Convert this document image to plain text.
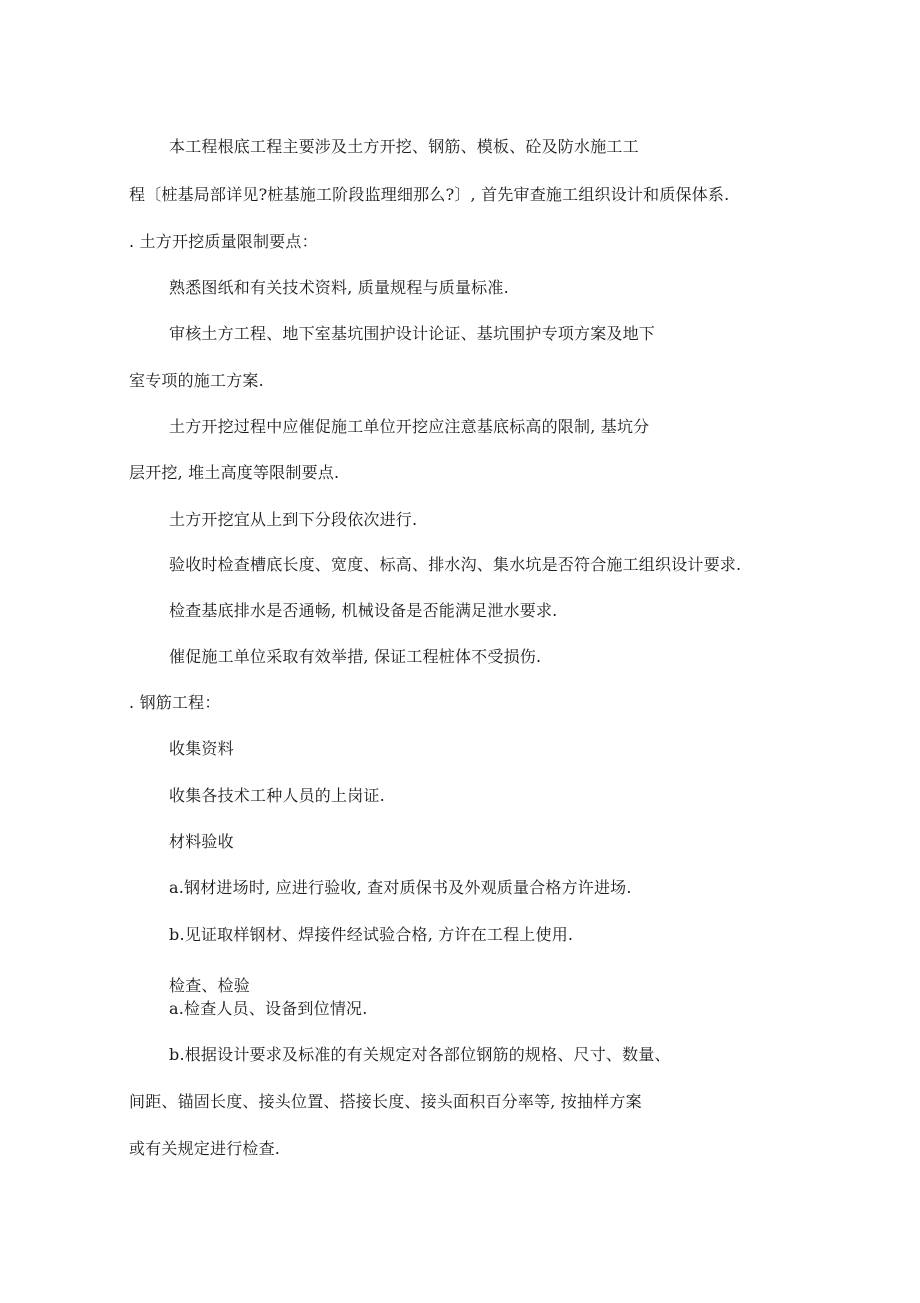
本工程根底工程主要涉及土方开挖、钢筋、模板、砼及防水施工工

程〔桩基局部详见?桩基施工阶段监理细那么?〕, 首先审查施工组织设计和质保体系.

. 土方开挖质量限制要点：

熟悉图纸和有关技术资料, 质量规程与质量标准.

审核土方工程、地下室基坑围护设计论证、基坑围护专项方案及地下

室专项的施工方案.

土方开挖过程中应催促施工单位开挖应注意基底标高的限制, 基坑分

层开挖, 堆土高度等限制要点.

土方开挖宜从上到下分段依次进行.

验收时检查槽底长度、宽度、标高、排水沟、集水坑是否符合施工组织设计要求.

检查基底排水是否通畅, 机械设备是否能满足泄水要求.

催促施工单位采取有效举措, 保证工程桩体不受损伤.

. 钢筋工程：

收集资料

收集各技术工种人员的上岗证.

材料验收

a.钢材进场时, 应进行验收, 查对质保书及外观质量合格方许进场.

b.见证取样钢材、焊接件经试验合格, 方许在工程上使用.

检查、检验

a.检查人员、设备到位情况.

b.根据设计要求及标准的有关规定对各部位钢筋的规格、尺寸、数量、

间距、锚固长度、接头位置、搭接长度、接头面积百分率等, 按抽样方案

或有关规定进行检查.
